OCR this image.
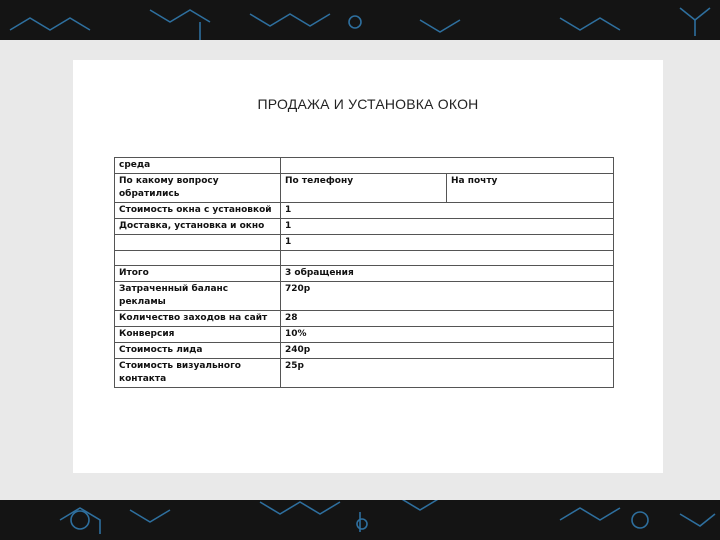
ПРОДАЖА И УСТАНОВКА ОКОН
среда		
По какому вопросу обратились	По телефону	На почту
Стоимость окна с установкой	1	
Доставка, установка и окно	1	
	1	

Итого	3 обращения	
Затраченный баланс рекламы	720р	
Количество заходов на сайт	28	
Конверсия	10%	
Стоимость лида	240р	
Стоимость визуального контакта	25р	
